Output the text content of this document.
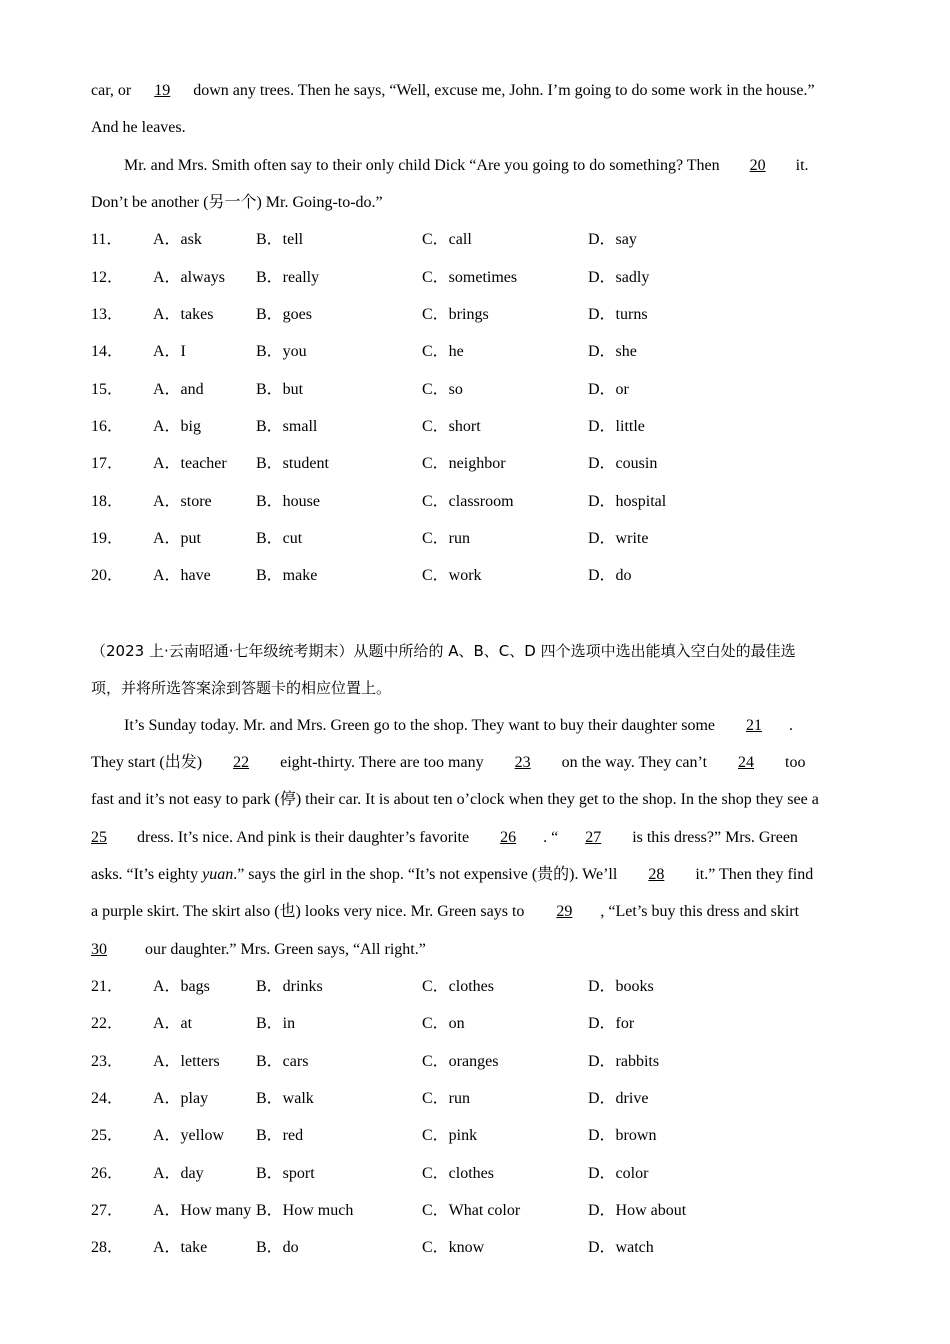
car, or 19 down any trees. Then he says, “Well, excuse me, John. I’m going to do some work in the house.”
And he leaves.
Mr. and Mrs. Smith often say to their only child Dick “Are you going to do something? Then 20 it.
Don’t be another (另一个) Mr. Going-to-do.”
11． A．ask	B．tell	C．call	D．say
12． A．always B．really	C．sometimes	D．sadly
13． A．takes	B．goes	C．brings	D．turns
14． A．I	B．you	C．he	D．she
15． A．and	B．but	C．so	D．or
16． A．big	B．small	C．short	D．little
17． A．teacher B．student	C．neighbor	D．cousin
18． A．store	B．house	C．classroom	D．hospital
19． A．put	B．cut	C．run	D．write
20． A．have	B．make	C．work	D．do
（2023 上·云南昭通·七年级统考期末）从题中所给的 A、B、C、D 四个选项中选出能填入空白处的最佳选
项，并将所选答案涂到答题卡的相应位置上。
It’s Sunday today. Mr. and Mrs. Green go to the shop. They want to buy their daughter some 21 .
They start (出发) 22 eight-thirty. There are too many 23 on the way. They can’t 24 too
fast and it’s not easy to park (停) their car. It is about ten o’clock when they get to the shop. In the shop they see a
25 dress. It’s nice. And pink is their daughter’s favorite 26 . “ 27 is this dress?” Mrs. Green
asks. “It’s eighty yuan.” says the girl in the shop. “It’s not expensive (贵的). We’ll 28 it.” Then they find
a purple skirt. The skirt also (也) looks very nice. Mr. Green says to 29 , “Let’s buy this dress and skirt
30 our daughter.” Mrs. Green says, “All right.”
21． A．bags	B．drinks	C．clothes	D．books
22． A．at	B．in	C．on	D．for
23． A．letters B．cars	C．oranges	D．rabbits
24． A．play	B．walk	C．run	D．drive
25． A．yellow B．red	C．pink	D．brown
26． A．day	B．sport	C．clothes	D．color
27． A．How many B．How much	C．What color	D．How about
28． A．take	B．do	C．know	D．watch
